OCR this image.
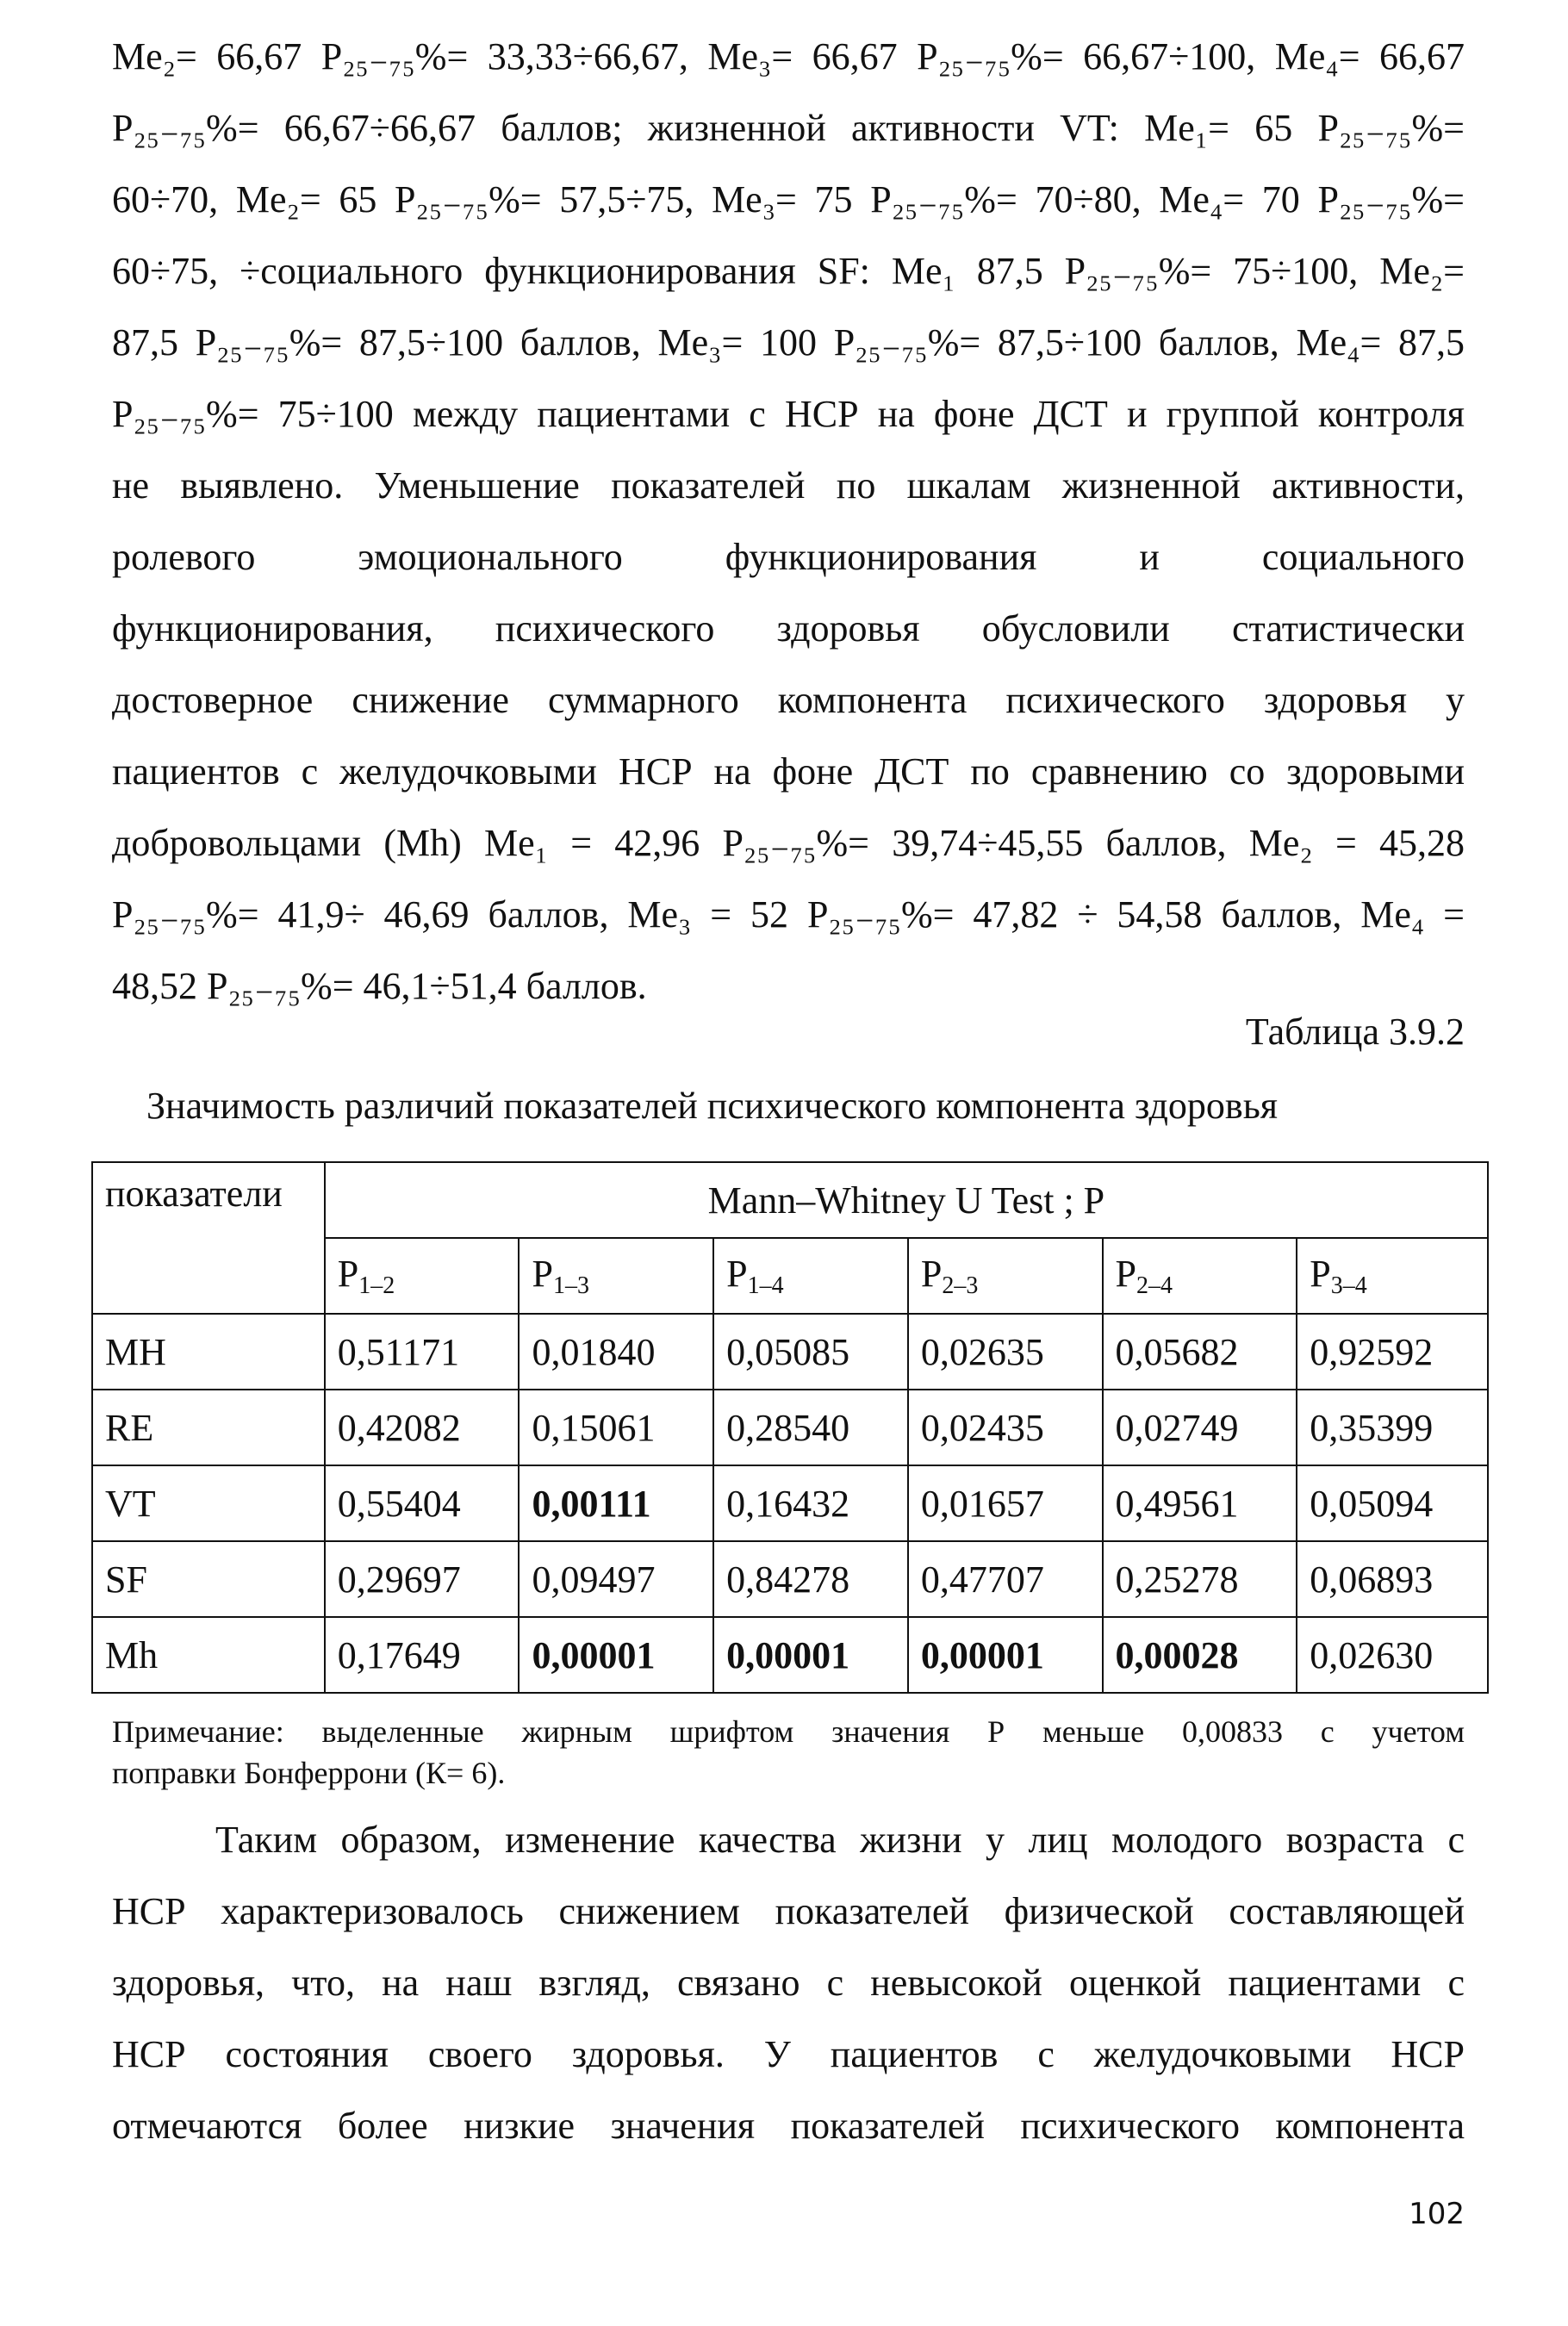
Me₂= 66,67 P₂₅₋₇₅%= 33,33÷66,67, Me₃= 66,67 P₂₅₋₇₅%= 66,67÷100, Me₄= 66,67
P₂₅₋₇₅%= 66,67÷66,67 баллов; жизненной активности VT: Me₁= 65 P₂₅₋₇₅%=
60÷70, Me₂= 65 P₂₅₋₇₅%= 57,5÷75, Me₃= 75 P₂₅₋₇₅%= 70÷80, Me₄= 70 P₂₅₋₇₅%=
60÷75, ÷социального функционирования SF: Me₁ 87,5 P₂₅₋₇₅%= 75÷100, Me₂=
87,5 P₂₅₋₇₅%= 87,5÷100 баллов, Me₃= 100 P₂₅₋₇₅%= 87,5÷100 баллов, Me₄= 87,5
P₂₅₋₇₅%= 75÷100 между пациентами с НСР на фоне ДСТ и группой контроля
не выявлено. Уменьшение показателей по шкалам жизненной активности,
ролевого эмоционального функционирования и социального
функционирования, психического здоровья обусловили статистически
достоверное снижение суммарного компонента психического здоровья у
пациентов с желудочковыми НСР на фоне ДСТ по сравнению со здоровыми
добровольцами (Mh) Me₁ = 42,96 P₂₅₋₇₅%= 39,74÷45,55 баллов, Me₂ = 45,28
P₂₅₋₇₅%= 41,9÷ 46,69 баллов, Me₃ = 52 P₂₅₋₇₅%= 47,82 ÷ 54,58 баллов, Me₄ =
48,52 P₂₅₋₇₅%= 46,1÷51,4 баллов.
Таблица 3.9.2
Значимость различий показателей психического компонента здоровья
показатели	Mann–Whitney U Test ; P					
	$P_{1-2}$	$P_{1-3}$	$P_{1-4}$	$P_{2-3}$	$P_{2-4}$	$P_{3-4}$
MH	0,51171	0,01840	0,05085	0,02635	0,05682	0,92592
RE	0,42082	0,15061	0,28540	0,02435	0,02749	0,35399
VT	0,55404	0,00111	0,16432	0,01657	0,49561	0,05094
SF	0,29697	0,09497	0,84278	0,47707	0,25278	0,06893
Mh	0,17649	0,00001	0,00001	0,00001	0,00028	0,02630
Примечание: выделенные жирным шрифтом значения Р меньше 0,00833 с учетом
поправки Бонферрони (К= 6).
Таким образом, изменение качества жизни у лиц молодого возраста с
НСР характеризовалось снижением показателей физической составляющей
здоровья, что, на наш взгляд, связано с невысокой оценкой пациентами с
НСР состояния своего здоровья. У пациентов с желудочковыми НСР
отмечаются более низкие значения показателей психического компонента
102
